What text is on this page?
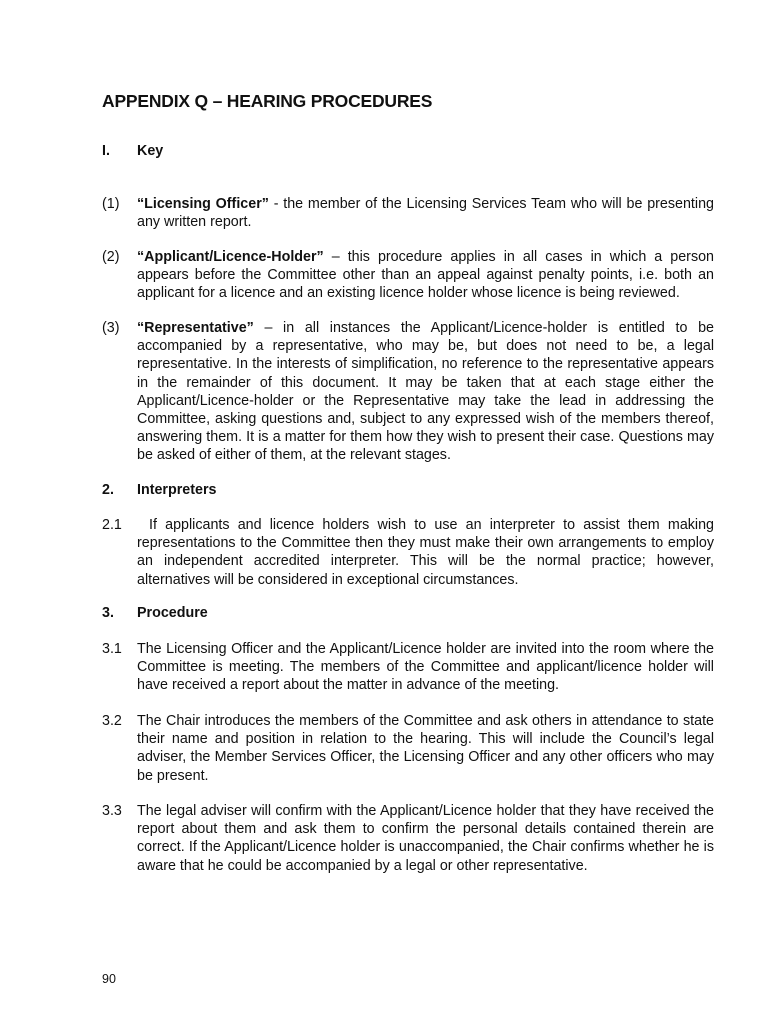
APPENDIX Q – HEARING PROCEDURES
I. Key
(1) “Licensing Officer” - the member of the Licensing Services Team who will be presenting any written report.
(2) “Applicant/Licence-Holder” – this procedure applies in all cases in which a person appears before the Committee other than an appeal against penalty points, i.e. both an applicant for a licence and an existing licence holder whose licence is being reviewed.
(3) “Representative” – in all instances the Applicant/Licence-holder is entitled to be accompanied by a representative, who may be, but does not need to be, a legal representative. In the interests of simplification, no reference to the representative appears in the remainder of this document. It may be taken that at each stage either the Applicant/Licence-holder or the Representative may take the lead in addressing the Committee, asking questions and, subject to any expressed wish of the members thereof, answering them. It is a matter for them how they wish to present their case. Questions may be asked of either of them, at the relevant stages.
2. Interpreters
2.1	If applicants and licence holders wish to use an interpreter to assist them making representations to the Committee then they must make their own arrangements to employ an independent accredited interpreter. This will be the normal practice; however, alternatives will be considered in exceptional circumstances.
3. Procedure
3.1 The Licensing Officer and the Applicant/Licence holder are invited into the room where the Committee is meeting. The members of the Committee and applicant/licence holder will have received a report about the matter in advance of the meeting.
3.2 The Chair introduces the members of the Committee and ask others in attendance to state their name and position in relation to the hearing. This will include the Council’s legal adviser, the Member Services Officer, the Licensing Officer and any other officers who may be present.
3.3 The legal adviser will confirm with the Applicant/Licence holder that they have received the report about them and ask them to confirm the personal details contained therein are correct. If the Applicant/Licence holder is unaccompanied, the Chair confirms whether he is aware that he could be accompanied by a legal or other representative.
90
